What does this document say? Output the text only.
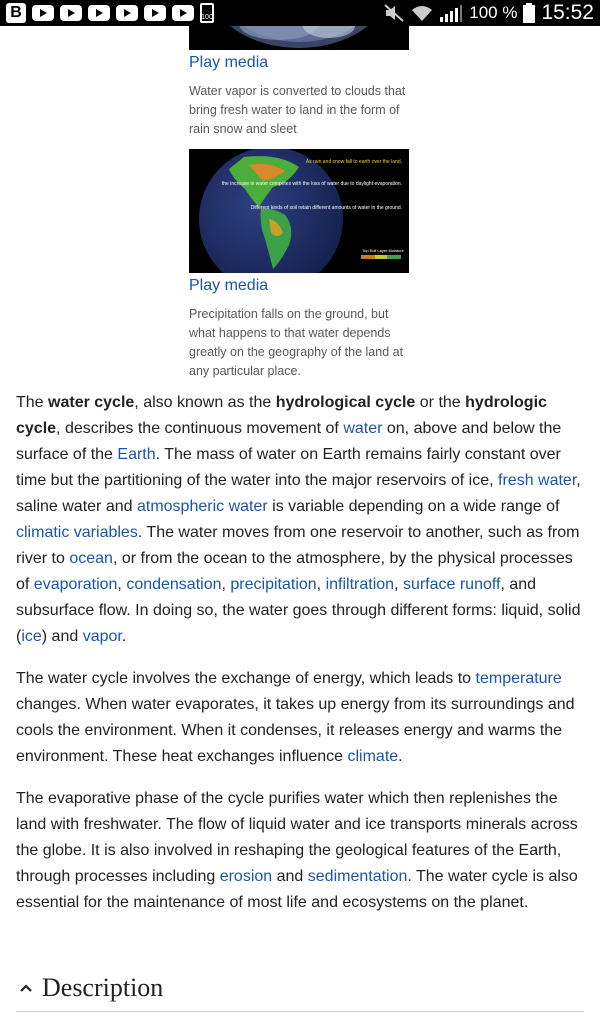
B	100	100 % 15:52
Play media
Water vapor is converted to clouds that bring fresh water to land in the form of rain snow and sleet
As rain and snow fall to earth over the land,
the increase in water competes with the loss of water due to daylight evaporation.
Different kinds of soil retain different amounts of water in the ground.
Top Soil Layer Moisture
Play media
Precipitation falls on the ground, but what happens to that water depends greatly on the geography of the land at any particular place.

The water cycle, also known as the hydrological cycle or the hydrologic cycle, describes the continuous movement of water on, above and below the surface of the Earth. The mass of water on Earth remains fairly constant over time but the partitioning of the water into the major reservoirs of ice, fresh water, saline water and atmospheric water is variable depending on a wide range of climatic variables. The water moves from one reservoir to another, such as from river to ocean, or from the ocean to the atmosphere, by the physical processes of evaporation, condensation, precipitation, infiltration, surface runoff, and subsurface flow. In doing so, the water goes through different forms: liquid, solid (ice) and vapor.

The water cycle involves the exchange of energy, which leads to temperature changes. When water evaporates, it takes up energy from its surroundings and cools the environment. When it condenses, it releases energy and warms the environment. These heat exchanges influence climate.

The evaporative phase of the cycle purifies water which then replenishes the land with freshwater. The flow of liquid water and ice transports minerals across the globe. It is also involved in reshaping the geological features of the Earth, through processes including erosion and sedimentation. The water cycle is also essential for the maintenance of most life and ecosystems on the planet.

Description
